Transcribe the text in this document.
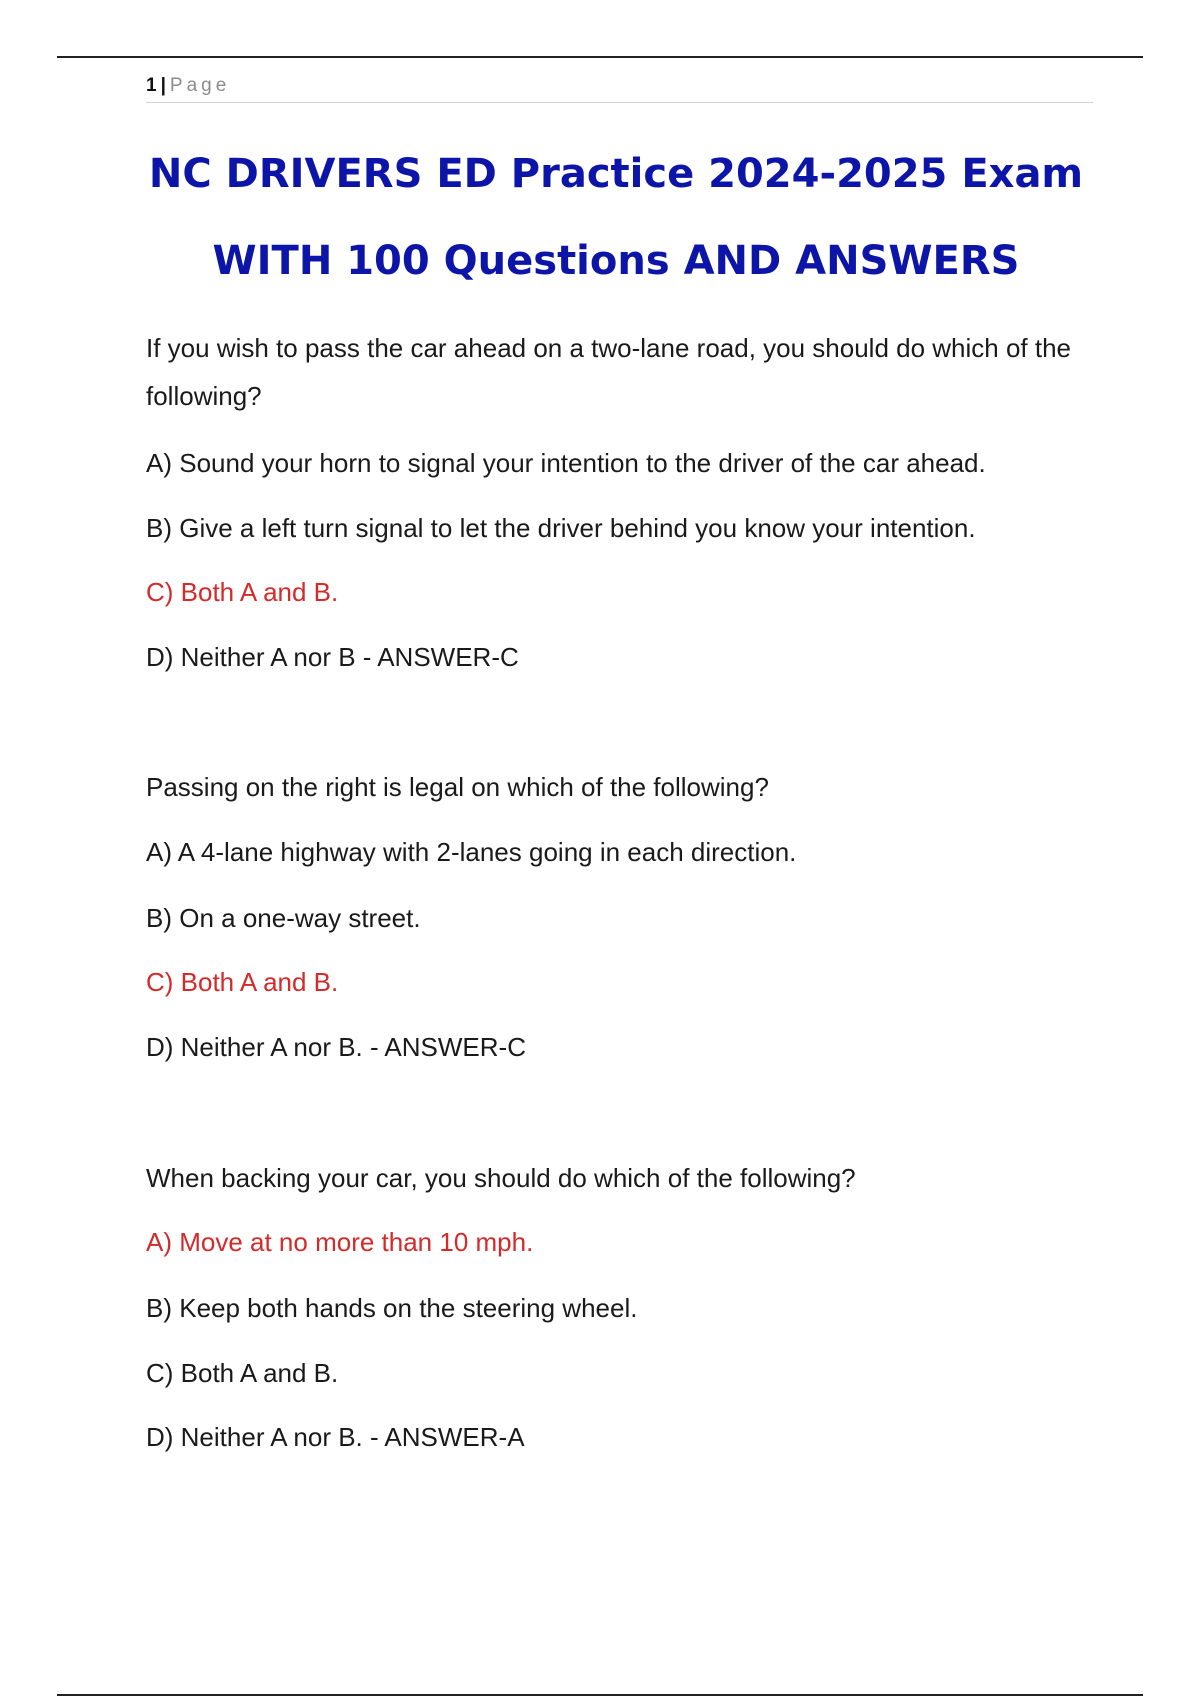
1 | Page
NC DRIVERS ED Practice 2024-2025 Exam
WITH 100 Questions AND ANSWERS

If you wish to pass the car ahead on a two-lane road, you should do which of the following?

A) Sound your horn to signal your intention to the driver of the car ahead.

B) Give a left turn signal to let the driver behind you know your intention.

C) Both A and B.

D) Neither A nor B - ANSWER-C

Passing on the right is legal on which of the following?

A) A 4-lane highway with 2-lanes going in each direction.

B) On a one-way street.

C) Both A and B.

D) Neither A nor B. - ANSWER-C

When backing your car, you should do which of the following?

A) Move at no more than 10 mph.

B) Keep both hands on the steering wheel.

C) Both A and B.

D) Neither A nor B. - ANSWER-A
